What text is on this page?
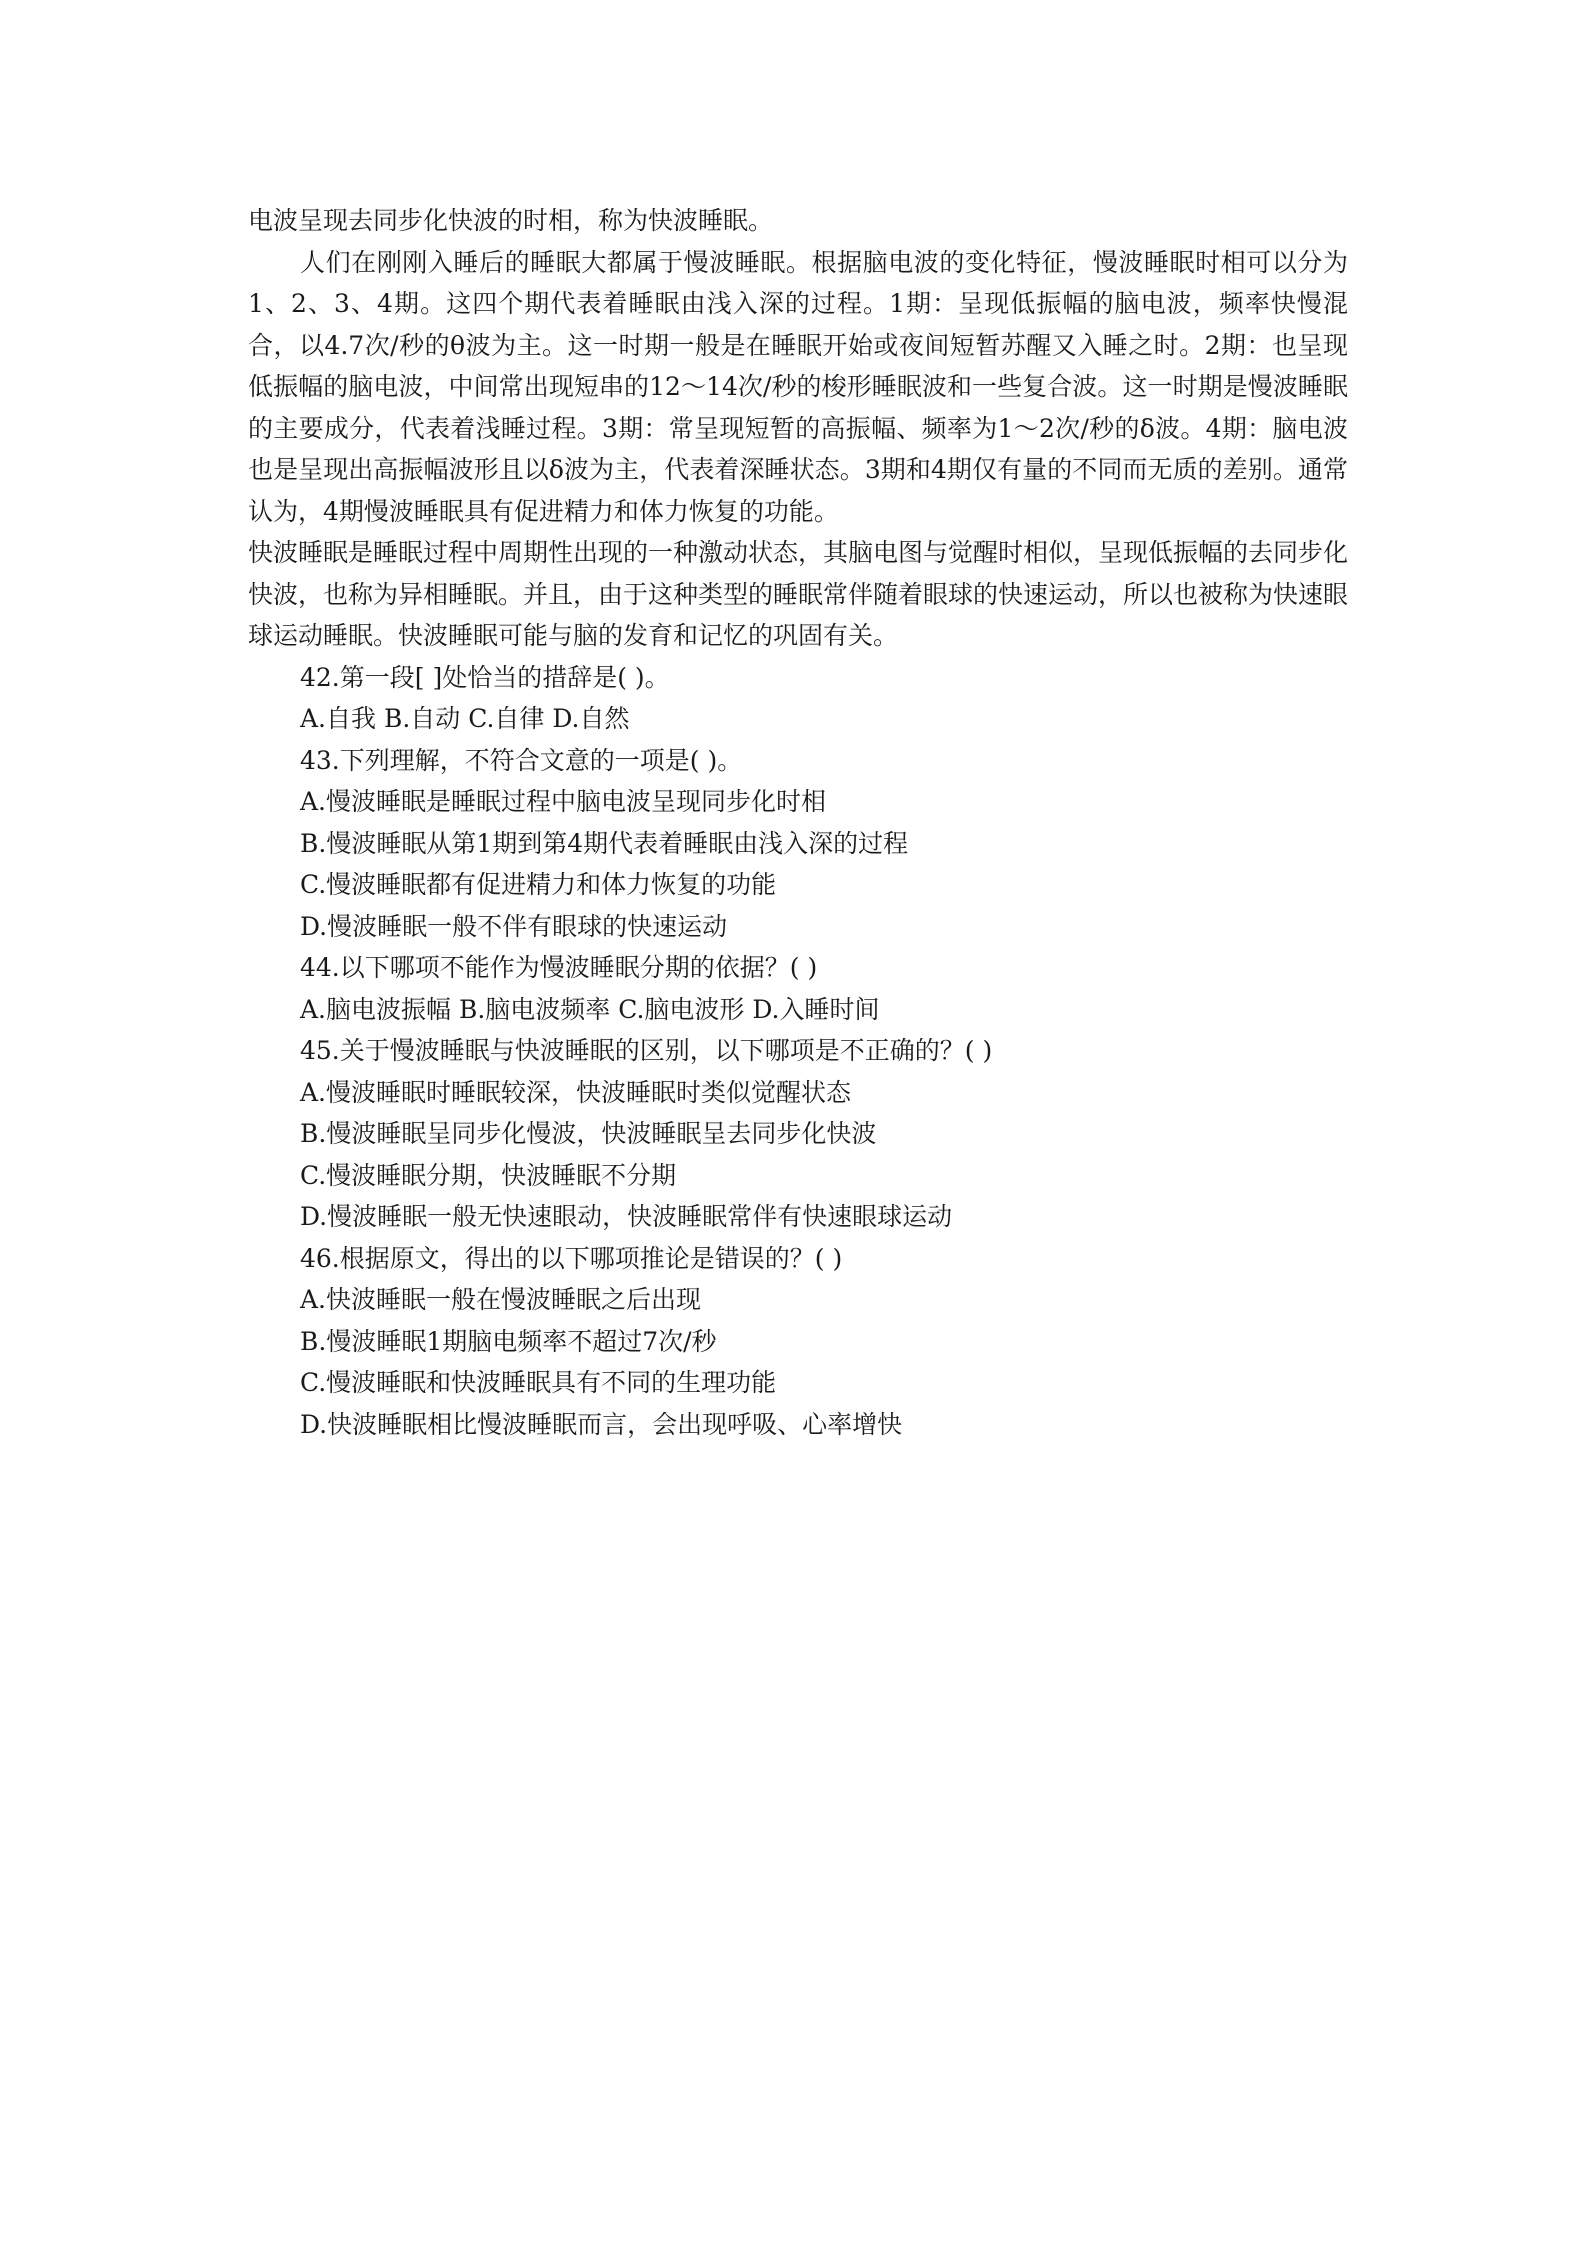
电波呈现去同步化快波的时相，称为快波睡眠。

人们在刚刚入睡后的睡眠大都属于慢波睡眠。根据脑电波的变化特征，慢波睡眠时相可以分为1、2、3、4期。这四个期代表着睡眠由浅入深的过程。1期：呈现低振幅的脑电波，频率快慢混合，以4.7次/秒的θ波为主。这一时期一般是在睡眠开始或夜间短暂苏醒又入睡之时。2期：也呈现低振幅的脑电波，中间常出现短串的12～14次/秒的梭形睡眠波和一些复合波。这一时期是慢波睡眠的主要成分，代表着浅睡过程。3期：常呈现短暂的高振幅、频率为1～2次/秒的δ波。4期：脑电波也是呈现出高振幅波形且以δ波为主，代表着深睡状态。3期和4期仅有量的不同而无质的差别。通常认为，4期慢波睡眠具有促进精力和体力恢复的功能。

快波睡眠是睡眠过程中周期性出现的一种激动状态，其脑电图与觉醒时相似，呈现低振幅的去同步化快波，也称为异相睡眠。并且，由于这种类型的睡眠常伴随着眼球的快速运动，所以也被称为快速眼球运动睡眠。快波睡眠可能与脑的发育和记忆的巩固有关。

42.第一段[ ]处恰当的措辞是( )。

A.自我 B.自动 C.自律 D.自然

43.下列理解，不符合文意的一项是( )。

A.慢波睡眠是睡眠过程中脑电波呈现同步化时相

B.慢波睡眠从第1期到第4期代表着睡眠由浅入深的过程

C.慢波睡眠都有促进精力和体力恢复的功能

D.慢波睡眠一般不伴有眼球的快速运动

44.以下哪项不能作为慢波睡眠分期的依据？( )

A.脑电波振幅 B.脑电波频率 C.脑电波形 D.入睡时间

45.关于慢波睡眠与快波睡眠的区别，以下哪项是不正确的？( )

A.慢波睡眠时睡眠较深，快波睡眠时类似觉醒状态

B.慢波睡眠呈同步化慢波，快波睡眠呈去同步化快波

C.慢波睡眠分期，快波睡眠不分期

D.慢波睡眠一般无快速眼动，快波睡眠常伴有快速眼球运动

46.根据原文，得出的以下哪项推论是错误的？( )

A.快波睡眠一般在慢波睡眠之后出现

B.慢波睡眠1期脑电频率不超过7次/秒

C.慢波睡眠和快波睡眠具有不同的生理功能

D.快波睡眠相比慢波睡眠而言，会出现呼吸、心率增快
